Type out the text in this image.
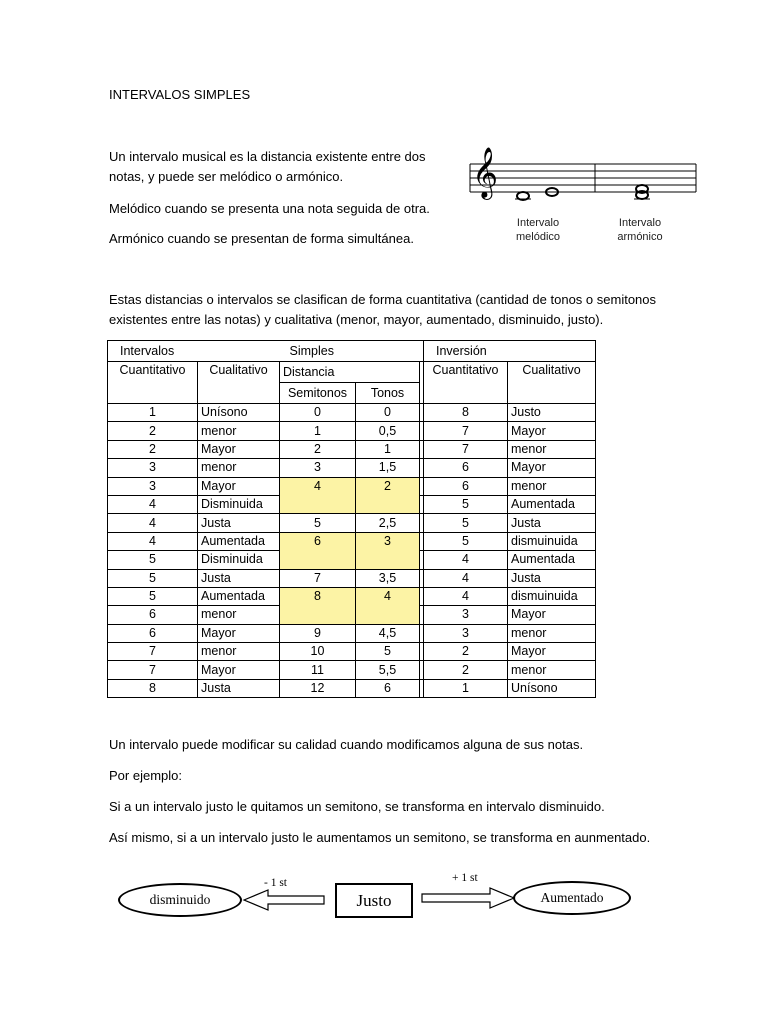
INTERVALOS SIMPLES
Un intervalo musical es la distancia existente entre dos
notas, y puede ser melódico o armónico.
Melódico cuando se presenta una nota seguida de otra.
Armónico cuando se presentan de forma simultánea.
𝄞
Intervalo
melódico
Intervalo
armónico
Estas distancias o intervalos se clasifican de forma cuantitativa (cantidad de tonos o semitonos
existentes entre las notas) y cualitativa (menor, mayor, aumentado, disminuido, justo).
Intervalos		Simples			Inversión	
Cuantitativo	Cualitativo	Distancia			Cuantitativo	Cualitativo
		Semitonos	Tonos			
1	Unísono	0	0		8	Justo
2	menor	1	0,5		7	Mayor
2	Mayor	2	1		7	menor
3	menor	3	1,5		6	Mayor
3	Mayor	4	2		6	menor
4	Disminuida				5	Aumentada
4	Justa	5	2,5		5	Justa
4	Aumentada	6	3		5	dismuinuida
5	Disminuida				4	Aumentada
5	Justa	7	3,5		4	Justa
5	Aumentada	8	4		4	dismuinuida
6	menor				3	Mayor
6	Mayor	9	4,5		3	menor
7	menor	10	5		2	Mayor
7	Mayor	11	5,5		2	menor
8	Justa	12	6		1	Unísono
Un intervalo puede modificar su calidad cuando modificamos alguna de sus notas.
Por ejemplo:
Si a un intervalo justo le quitamos un semitono, se transforma en intervalo disminuido.
Así mismo, si a un intervalo justo le aumentamos un semitono, se transforma en aunmentado.
disminuido
- 1 st
Justo
+ 1 st
Aumentado
